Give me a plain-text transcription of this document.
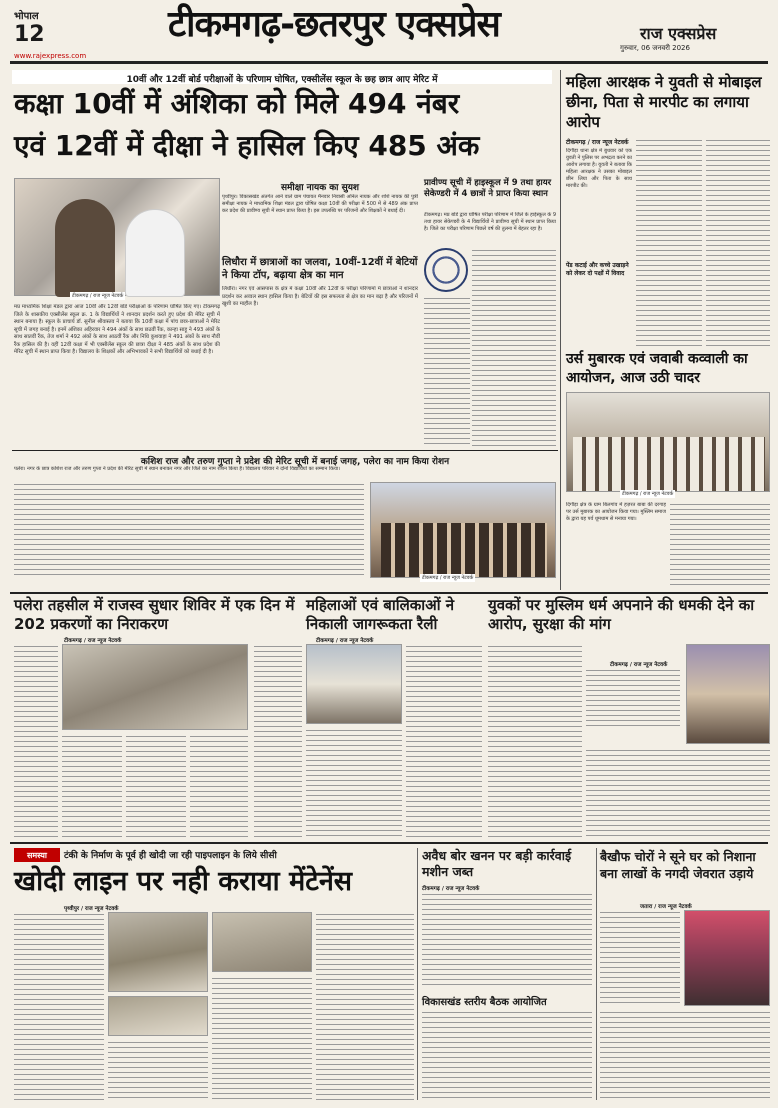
भोपाल
12	टीकमगढ़-छतरपुर एक्सप्रेस	राज एक्सप्रेस
गुरुवार, 06 जनवरी 2026
www.rajexpress.com
10वीं और 12वीं बोर्ड परीक्षाओं के परिणाम घोषित, एक्सीलेंस स्कूल के छह छात्र आए मेरिट में
कक्षा 10वीं में अंशिका को मिले 494 नंबर
एवं 12वीं में दीक्षा ने हासिल किए 485 अंक
टीकमगढ़ / राज न्यूज नेटवर्क
मप्र माध्यमिक शिक्षा मंडल द्वारा आज 10वीं और 12वीं बोर्ड परीक्षाओं के परिणाम घोषित किए गए। टीकमगढ़ जिले के शासकीय एक्सीलेंस स्कूल क्र. 1 के विद्यार्थियों ने शानदार प्रदर्शन करते हुए प्रदेश की मेरिट सूची में स्थान बनाया है। स्कूल के प्राचार्य डॉ. सुनील श्रीवास्तव ने बताया कि 10वीं कक्षा में पांच छात्र-छात्राओं ने मेरिट सूची में जगह बनाई है। इनमें अंशिका अहिरवार ने 494 अंकों के साथ छठवीं रैंक, कान्हा साहू ने 493 अंकों के साथ सातवीं रैंक, तेज शर्मा ने 492 अंकों के साथ आठवीं रैंक और निधि कुशवाहा ने 491 अंकों के साथ नौवीं रैंक हासिल की है। वहीं 12वीं कक्षा में भी एक्सीलेंस स्कूल की छात्रा दीक्षा ने 485 अंकों के साथ प्रदेश की मेरिट सूची में स्थान प्राप्त किया है। विद्यालय के शिक्षकों और अभिभावकों ने सभी विद्यार्थियों को बधाई दी है।
समीक्षा नायक का सुयश
पृथ्वीपुर। विकासखंड अंतर्गत आने वाले ग्राम पंचायत मैनवार निवासी अनिल नायक और शशि नायक की पुत्री समीक्षा नायक ने माध्यमिक शिक्षा मंडल द्वारा घोषित कक्षा 10वीं की परीक्षा में 500 में से 489 अंक प्राप्त कर प्रदेश की प्रावीण्य सूची में स्थान प्राप्त किया है। इस उपलब्धि पर परिजनों और शिक्षकों ने बधाई दी।
लिधौरा में छात्राओं का जलवा, 10वीं-12वीं में बेटियों ने किया टॉप, बढ़ाया क्षेत्र का मान
लिधौरा। नगर एवं आसपास के क्षेत्र में कक्षा 10वीं और 12वीं के परीक्षा परिणामों में छात्राओं ने शानदार प्रदर्शन कर अव्वल स्थान हासिल किया है। बेटियों की इस सफलता से क्षेत्र का मान बढ़ा है और परिजनों में खुशी का माहौल है।
प्रावीण्य सूची में हाइस्कूल में 9 तथा हायर सेकेण्डरी में 4 छात्रों ने प्राप्त किया स्थान
टीकमगढ़। मप्र बोर्ड द्वारा घोषित परीक्षा परिणाम में जिले के हाईस्कूल के 9 तथा हायर सेकेण्डरी के 4 विद्यार्थियों ने प्रावीण्य सूची में स्थान प्राप्त किया है। जिले का परीक्षा परिणाम पिछले वर्ष की तुलना में बेहतर रहा है।
कशिश राज और तरुण गुप्ता ने प्रदेश की मेरिट सूची में बनाई जगह, पलेरा का नाम किया रोशन
पलेरा। नगर के छात्र कशिश राज और तरुण गुप्ता ने प्रदेश की मेरिट सूची में स्थान बनाकर नगर और जिले का नाम रोशन किया है। विद्यालय परिवार ने दोनों विद्यार्थियों का सम्मान किया।
टीकमगढ़ / राज न्यूज नेटवर्क
महिला आरक्षक ने युवती से मोबाइल छीना, पिता से मारपीट का लगाया आरोप
टीकमगढ़ / राज न्यूज नेटवर्क
दिगौड़ा थाना क्षेत्र में बुधवार को एक युवती ने पुलिस पर अभद्रता करने का आरोप लगाया है। युवती ने बताया कि महिला आरक्षक ने उसका मोबाइल छीन लिया और पिता के साथ मारपीट की।
पेंड कटाई और कच्चे उखाड़ने को लेकर दो पक्षों में विवाद
उर्स मुबारक एवं जवाबी कव्वाली का आयोजन, आज उठी चादर
टीकमगढ़ / राज न्यूज नेटवर्क
दिगौड़ा क्षेत्र के ग्राम बिलगांव में हज़रत बाबा की दरगाह पर उर्स मुबारक का आयोजन किया गया। मुस्लिम समाज के द्वारा यह पर्व धूमधाम से मनाया गया।
पलेरा तहसील में राजस्व सुधार शिविर में एक दिन में 202 प्रकरणों का निराकरण
महिलाओं एवं बालिकाओं ने निकाली जागरूकता रैली
युवकों पर मुस्लिम धर्म अपनाने की धमकी देने का आरोप, सुरक्षा की मांग
टीकमगढ़ / राज न्यूज नेटवर्क	टीकमगढ़ / राज न्यूज नेटवर्क
टीकमगढ़ / राज न्यूज नेटवर्क
समस्या	टंकी के निर्माण के पूर्व ही खोदी जा रही पाइपलाइन के लिये सीसी
खोदी लाइन पर नही कराया मेंटेनेंस
पृथ्वीपुर / राज न्यूज नेटवर्क
अवैध बोर खनन पर बड़ी कार्रवाई मशीन जब्त
टीकमगढ़ / राज न्यूज नेटवर्क
विकासखंड स्तरीय बैठक आयोजित
बैखौफ चोरों ने सूने घर को निशाना बना लाखों के नगदी जेवरात उड़ाये
जतारा / राज न्यूज नेटवर्क
